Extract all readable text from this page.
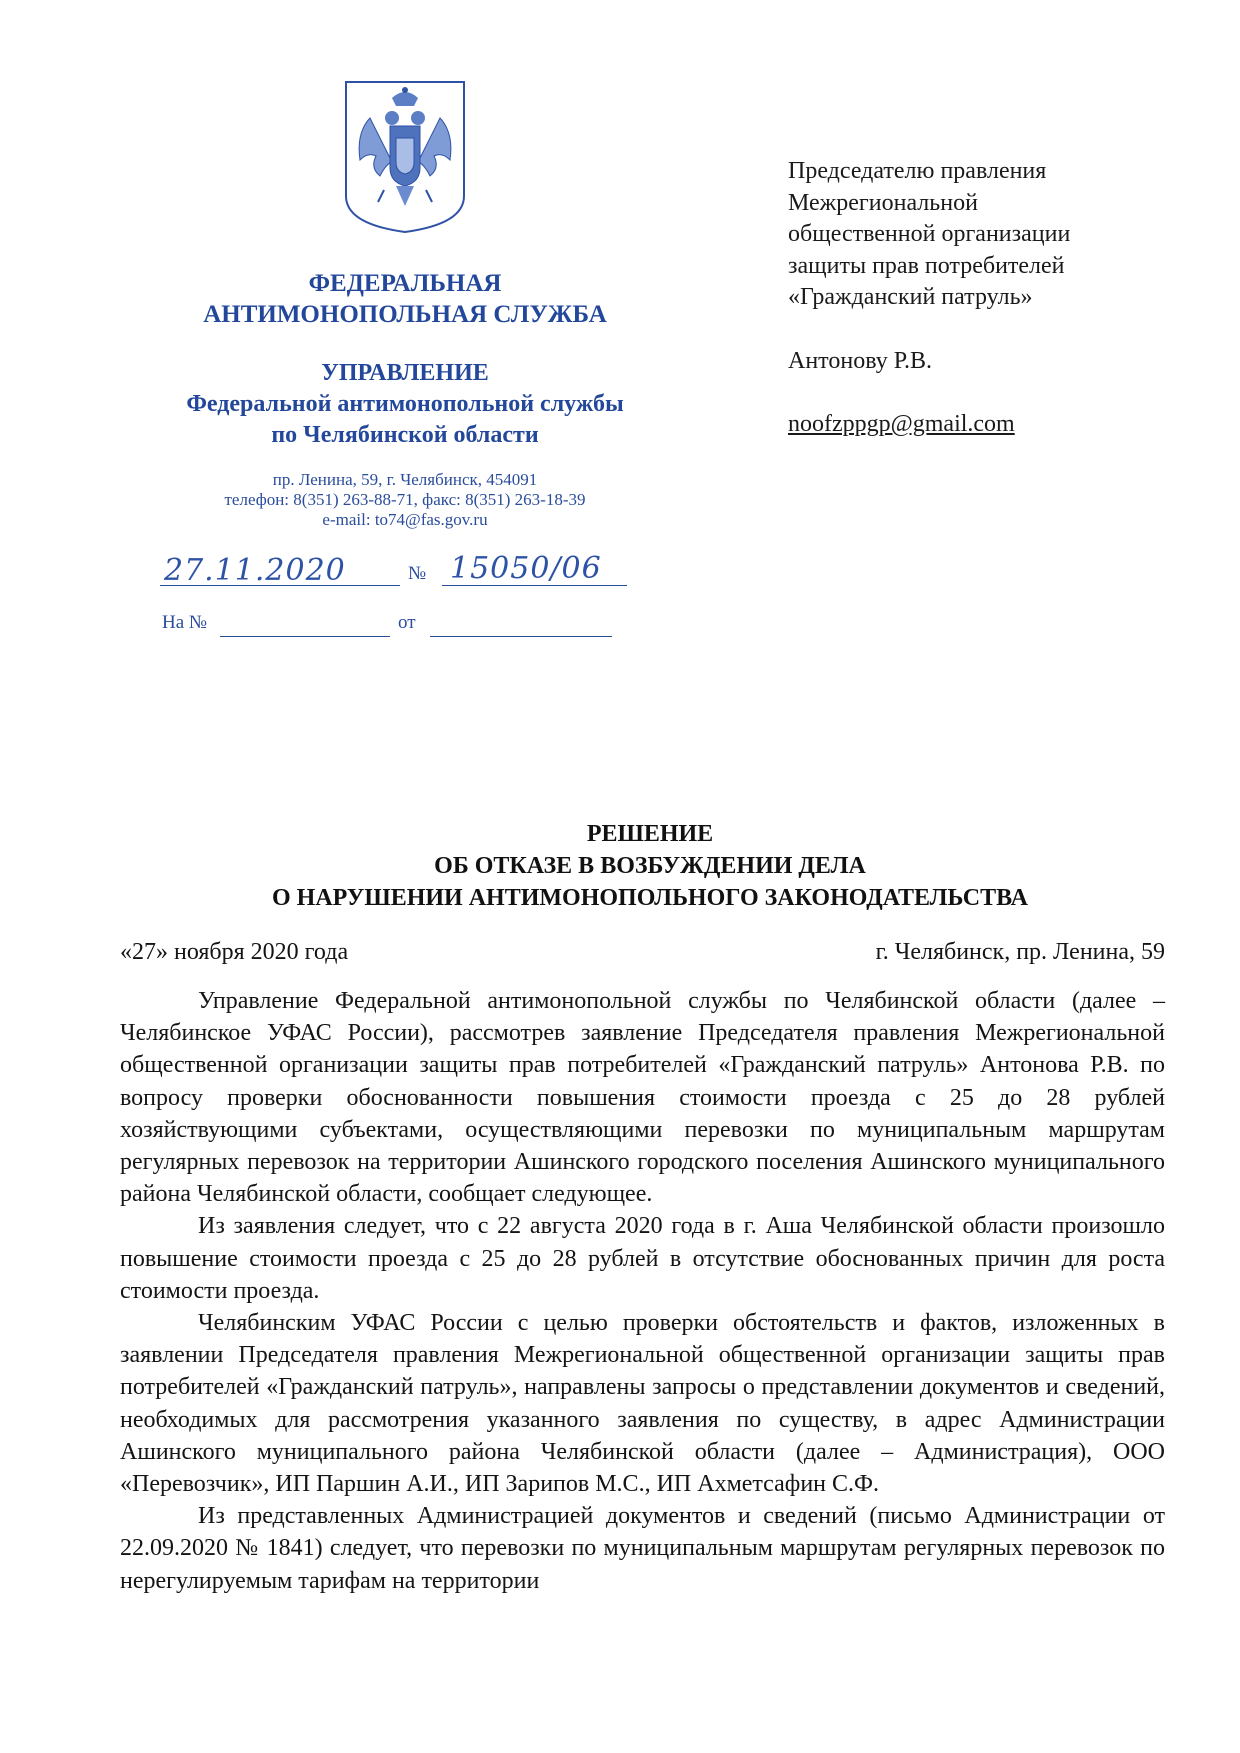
ФЕДЕРАЛЬНАЯ
АНТИМОНОПОЛЬНАЯ СЛУЖБА
УПРАВЛЕНИЕ
Федеральной антимонопольной службы
по Челябинской области
пр. Ленина, 59, г. Челябинск, 454091
телефон: 8(351) 263-88-71, факс: 8(351) 263-18-39
e-mail: to74@fas.gov.ru
27.11.2020	№ 15050/06
На №	от
Председателю правления
Межрегиональной
общественной организации
защиты прав потребителей
«Гражданский патруль»
Антонову Р.В.
noofzppgp@gmail.com
РЕШЕНИЕ
ОБ ОТКАЗЕ В ВОЗБУЖДЕНИИ ДЕЛА
О НАРУШЕНИИ АНТИМОНОПОЛЬНОГО ЗАКОНОДАТЕЛЬСТВА
«27» ноября 2020 года	г. Челябинск, пр. Ленина, 59

Управление Федеральной антимонопольной службы по Челябинской области (далее – Челябинское УФАС России), рассмотрев заявление Председателя правления Межрегиональной общественной организации защиты прав потребителей «Гражданский патруль» Антонова Р.В. по вопросу проверки обоснованности повышения стоимости проезда с 25 до 28 рублей хозяйствующими субъектами, осуществляющими перевозки по муниципальным маршрутам регулярных перевозок на территории Ашинского городского поселения Ашинского муниципального района Челябинской области, сообщает следующее.

Из заявления следует, что с 22 августа 2020 года в г. Аша Челябинской области произошло повышение стоимости проезда с 25 до 28 рублей в отсутствие обоснованных причин для роста стоимости проезда.

Челябинским УФАС России с целью проверки обстоятельств и фактов, изложенных в заявлении Председателя правления Межрегиональной общественной организации защиты прав потребителей «Гражданский патруль», направлены запросы о представлении документов и сведений, необходимых для рассмотрения указанного заявления по существу, в адрес Администрации Ашинского муниципального района Челябинской области (далее – Администрация), ООО «Перевозчик», ИП Паршин А.И., ИП Зарипов М.С., ИП Ахметсафин С.Ф.

Из представленных Администрацией документов и сведений (письмо Администрации от 22.09.2020 № 1841) следует, что перевозки по муниципальным маршрутам регулярных перевозок по нерегулируемым тарифам на территории
